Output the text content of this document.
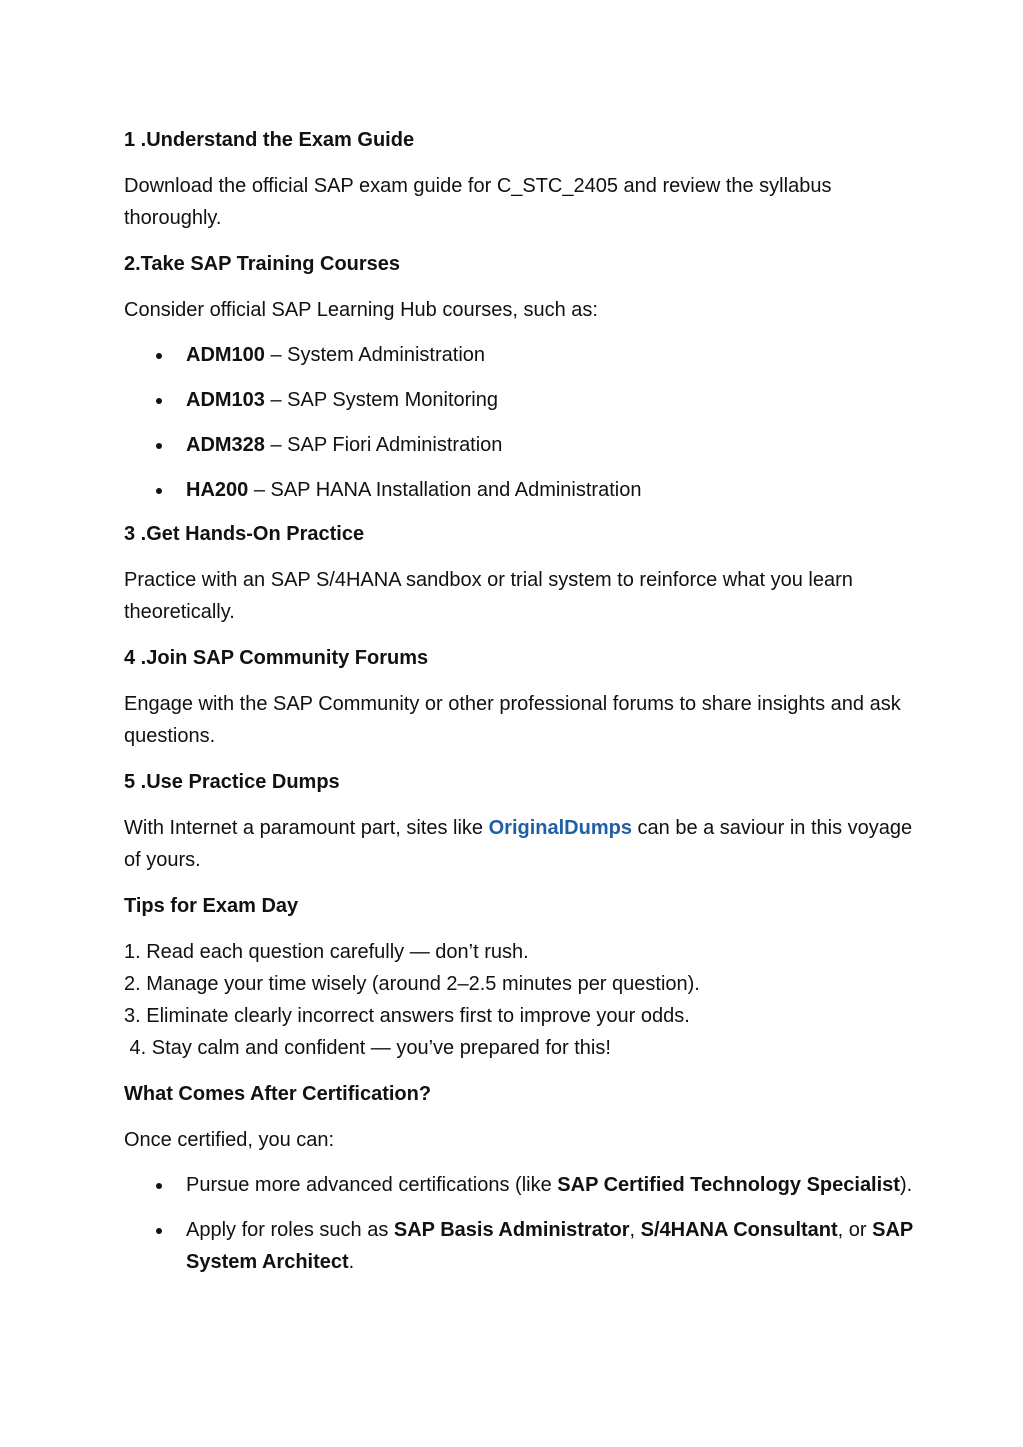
1 .Understand the Exam Guide

Download the official SAP exam guide for C_STC_2405 and review the syllabus thoroughly.

2.Take SAP Training Courses

Consider official SAP Learning Hub courses, such as:

ADM100 – System Administration
ADM103 – SAP System Monitoring
ADM328 – SAP Fiori Administration
HA200 – SAP HANA Installation and Administration
3 .Get Hands-On Practice

Practice with an SAP S/4HANA sandbox or trial system to reinforce what you learn theoretically.

4 .Join SAP Community Forums

Engage with the SAP Community or other professional forums to share insights and ask questions.

5 .Use Practice Dumps

With Internet a paramount part, sites like OriginalDumps can be a saviour in this voyage of yours.

Tips for Exam Day
1. Read each question carefully — don’t rush.
2. Manage your time wisely (around 2–2.5 minutes per question).
3. Eliminate clearly incorrect answers first to improve your odds.
4. Stay calm and confident — you’ve prepared for this!
What Comes After Certification?

Once certified, you can:

Pursue more advanced certifications (like SAP Certified Technology Specialist).
Apply for roles such as SAP Basis Administrator, S/4HANA Consultant, or SAP System Architect.
